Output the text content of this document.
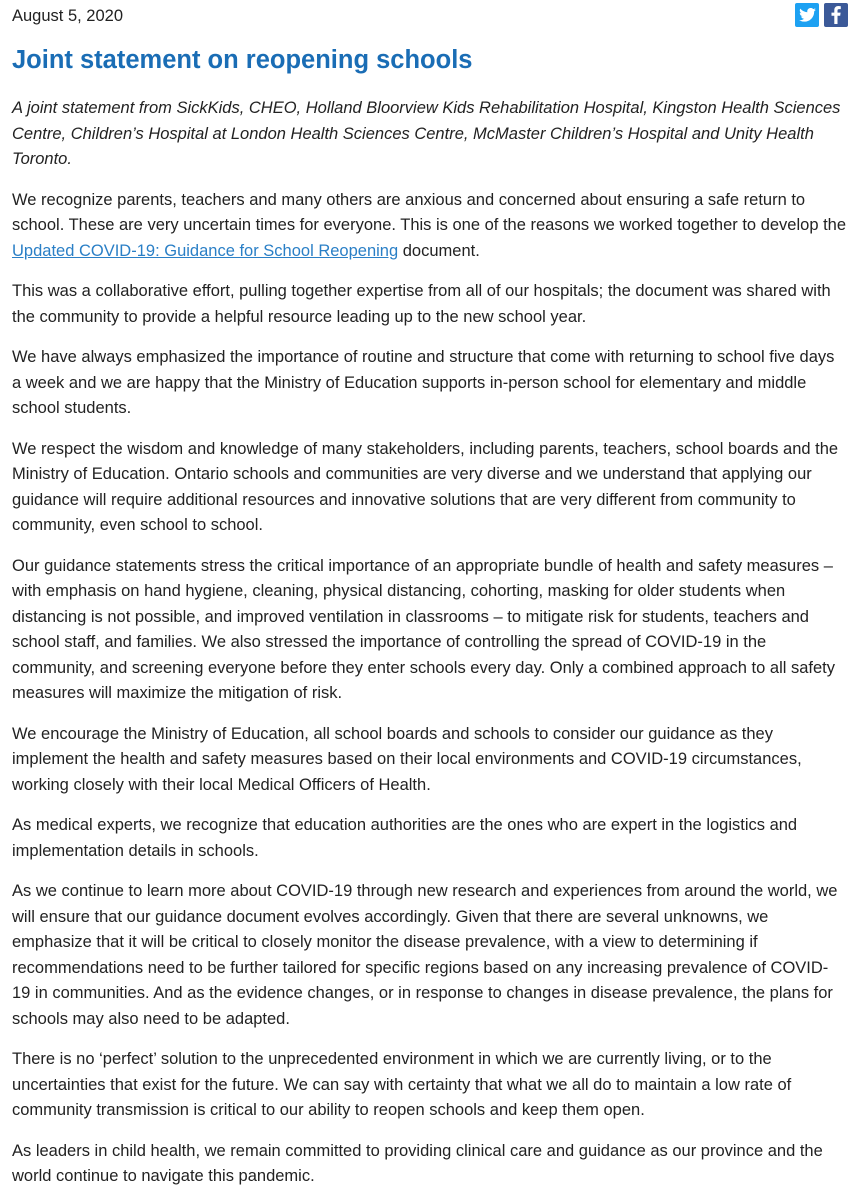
August 5, 2020
Joint statement on reopening schools

A joint statement from SickKids, CHEO, Holland Bloorview Kids Rehabilitation Hospital, Kingston Health Sciences Centre, Children’s Hospital at London Health Sciences Centre, McMaster Children’s Hospital and Unity Health Toronto.

We recognize parents, teachers and many others are anxious and concerned about ensuring a safe return to school. These are very uncertain times for everyone. This is one of the reasons we worked together to develop the Updated COVID-19: Guidance for School Reopening document.

This was a collaborative effort, pulling together expertise from all of our hospitals; the document was shared with the community to provide a helpful resource leading up to the new school year.

We have always emphasized the importance of routine and structure that come with returning to school five days a week and we are happy that the Ministry of Education supports in-person school for elementary and middle school students.

We respect the wisdom and knowledge of many stakeholders, including parents, teachers, school boards and the Ministry of Education. Ontario schools and communities are very diverse and we understand that applying our guidance will require additional resources and innovative solutions that are very different from community to community, even school to school.

Our guidance statements stress the critical importance of an appropriate bundle of health and safety measures – with emphasis on hand hygiene, cleaning, physical distancing, cohorting, masking for older students when distancing is not possible, and improved ventilation in classrooms – to mitigate risk for students, teachers and school staff, and families. We also stressed the importance of controlling the spread of COVID-19 in the community, and screening everyone before they enter schools every day. Only a combined approach to all safety measures will maximize the mitigation of risk.

We encourage the Ministry of Education, all school boards and schools to consider our guidance as they implement the health and safety measures based on their local environments and COVID-19 circumstances, working closely with their local Medical Officers of Health.

As medical experts, we recognize that education authorities are the ones who are expert in the logistics and implementation details in schools.

As we continue to learn more about COVID-19 through new research and experiences from around the world, we will ensure that our guidance document evolves accordingly. Given that there are several unknowns, we emphasize that it will be critical to closely monitor the disease prevalence, with a view to determining if recommendations need to be further tailored for specific regions based on any increasing prevalence of COVID-19 in communities. And as the evidence changes, or in response to changes in disease prevalence, the plans for schools may also need to be adapted.

There is no ‘perfect’ solution to the unprecedented environment in which we are currently living, or to the uncertainties that exist for the future. We can say with certainty that what we all do to maintain a low rate of community transmission is critical to our ability to reopen schools and keep them open.

As leaders in child health, we remain committed to providing clinical care and guidance as our province and the world continue to navigate this pandemic.
